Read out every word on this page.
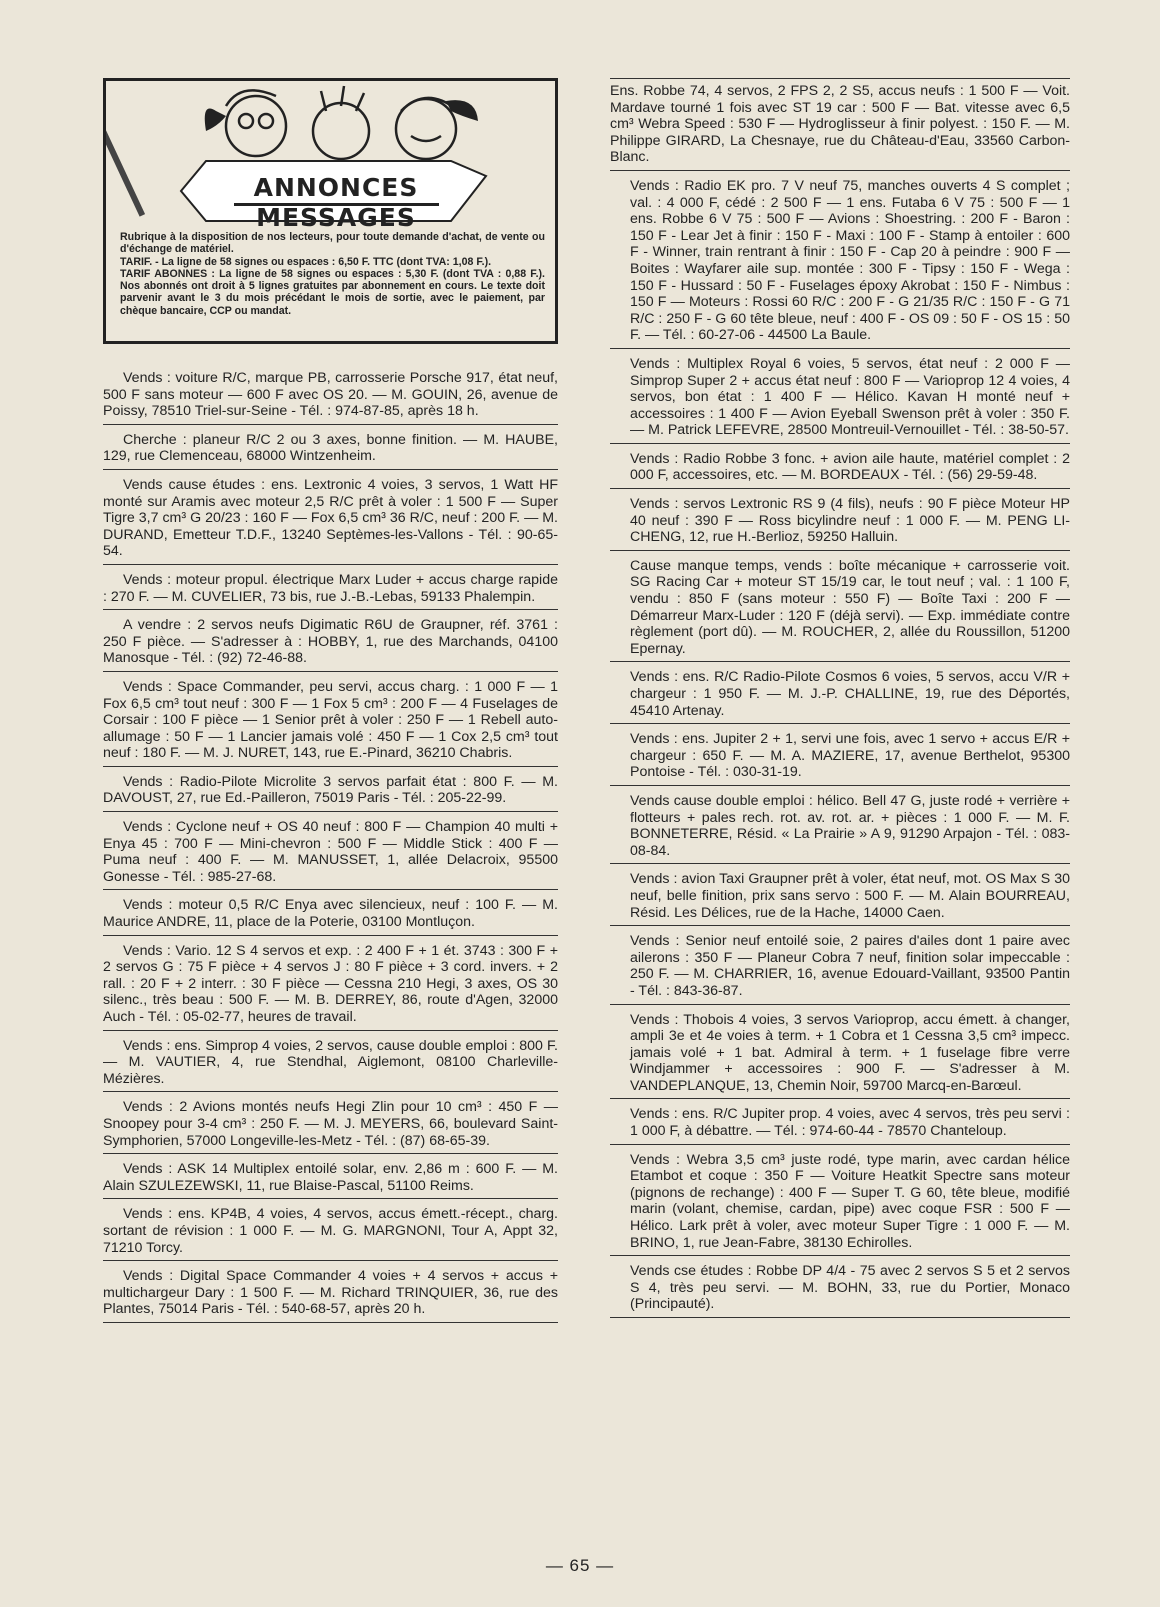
ANNONCES
MESSAGES

Rubrique à la disposition de nos lecteurs, pour toute demande d'achat, de vente ou d'échange de matériel.

TARIF. - La ligne de 58 signes ou espaces : 6,50 F. TTC (dont TVA: 1,08 F.).

TARIF ABONNES : La ligne de 58 signes ou espaces : 5,30 F. (dont TVA : 0,88 F.). Nos abonnés ont droit à 5 lignes gratuites par abonnement en cours. Le texte doit parvenir avant le 3 du mois précédant le mois de sortie, avec le paiement, par chèque bancaire, CCP ou mandat.

Vends : voiture R/C, marque PB, carrosserie Porsche 917, état neuf, 500 F sans moteur — 600 F avec OS 20. — M. GOUIN, 26, avenue de Poissy, 78510 Triel-sur-Seine - Tél. : 974-87-85, après 18 h.
Cherche : planeur R/C 2 ou 3 axes, bonne finition. — M. HAUBE, 129, rue Clemenceau, 68000 Wintzenheim.
Vends cause études : ens. Lextronic 4 voies, 3 servos, 1 Watt HF monté sur Aramis avec moteur 2,5 R/C prêt à voler : 1 500 F — Super Tigre 3,7 cm³ G 20/23 : 160 F — Fox 6,5 cm³ 36 R/C, neuf : 200 F. — M. DURAND, Emetteur T.D.F., 13240 Septèmes-les-Vallons - Tél. : 90-65-54.
Vends : moteur propul. électrique Marx Luder + accus charge rapide : 270 F. — M. CUVELIER, 73 bis, rue J.-B.-Lebas, 59133 Phalempin.
A vendre : 2 servos neufs Digimatic R6U de Graupner, réf. 3761 : 250 F pièce. — S'adresser à : HOBBY, 1, rue des Marchands, 04100 Manosque - Tél. : (92) 72-46-88.
Vends : Space Commander, peu servi, accus charg. : 1 000 F — 1 Fox 6,5 cm³ tout neuf : 300 F — 1 Fox 5 cm³ : 200 F — 4 Fuselages de Corsair : 100 F pièce — 1 Senior prêt à voler : 250 F — 1 Rebell auto-allumage : 50 F — 1 Lancier jamais volé : 450 F — 1 Cox 2,5 cm³ tout neuf : 180 F. — M. J. NURET, 143, rue E.-Pinard, 36210 Chabris.
Vends : Radio-Pilote Microlite 3 servos parfait état : 800 F. — M. DAVOUST, 27, rue Ed.-Pailleron, 75019 Paris - Tél. : 205-22-99.
Vends : Cyclone neuf + OS 40 neuf : 800 F — Champion 40 multi + Enya 45 : 700 F — Mini-chevron : 500 F — Middle Stick : 400 F — Puma neuf : 400 F. — M. MANUSSET, 1, allée Delacroix, 95500 Gonesse - Tél. : 985-27-68.
Vends : moteur 0,5 R/C Enya avec silencieux, neuf : 100 F. — M. Maurice ANDRE, 11, place de la Poterie, 03100 Montluçon.
Vends : Vario. 12 S 4 servos et exp. : 2 400 F + 1 ét. 3743 : 300 F + 2 servos G : 75 F pièce + 4 servos J : 80 F pièce + 3 cord. invers. + 2 rall. : 20 F + 2 interr. : 30 F pièce — Cessna 210 Hegi, 3 axes, OS 30 silenc., très beau : 500 F. — M. B. DERREY, 86, route d'Agen, 32000 Auch - Tél. : 05-02-77, heures de travail.
Vends : ens. Simprop 4 voies, 2 servos, cause double emploi : 800 F. — M. VAUTIER, 4, rue Stendhal, Aiglemont, 08100 Charleville-Mézières.
Vends : 2 Avions montés neufs Hegi Zlin pour 10 cm³ : 450 F — Snoopey pour 3-4 cm³ : 250 F. — M. J. MEYERS, 66, boulevard Saint-Symphorien, 57000 Longeville-les-Metz - Tél. : (87) 68-65-39.
Vends : ASK 14 Multiplex entoilé solar, env. 2,86 m : 600 F. — M. Alain SZULEZEWSKI, 11, rue Blaise-Pascal, 51100 Reims.
Vends : ens. KP4B, 4 voies, 4 servos, accus émett.-récept., charg. sortant de révision : 1 000 F. — M. G. MARGNONI, Tour A, Appt 32, 71210 Torcy.
Vends : Digital Space Commander 4 voies + 4 servos + accus + multichargeur Dary : 1 500 F. — M. Richard TRINQUIER, 36, rue des Plantes, 75014 Paris - Tél. : 540-68-57, après 20 h.
Ens. Robbe 74, 4 servos, 2 FPS 2, 2 S5, accus neufs : 1 500 F — Voit. Mardave tourné 1 fois avec ST 19 car : 500 F — Bat. vitesse avec 6,5 cm³ Webra Speed : 530 F — Hydroglisseur à finir polyest. : 150 F. — M. Philippe GIRARD, La Chesnaye, rue du Château-d'Eau, 33560 Carbon-Blanc.
Vends : Radio EK pro. 7 V neuf 75, manches ouverts 4 S complet ; val. : 4 000 F, cédé : 2 500 F — 1 ens. Futaba 6 V 75 : 500 F — 1 ens. Robbe 6 V 75 : 500 F — Avions : Shoestring. : 200 F - Baron : 150 F - Lear Jet à finir : 150 F - Maxi : 100 F - Stamp à entoiler : 600 F - Winner, train rentrant à finir : 150 F - Cap 20 à peindre : 900 F — Boites : Wayfarer aile sup. montée : 300 F - Tipsy : 150 F - Wega : 150 F - Hussard : 50 F - Fuselages époxy Akrobat : 150 F - Nimbus : 150 F — Moteurs : Rossi 60 R/C : 200 F - G 21/35 R/C : 150 F - G 71 R/C : 250 F - G 60 tête bleue, neuf : 400 F - OS 09 : 50 F - OS 15 : 50 F. — Tél. : 60-27-06 - 44500 La Baule.
Vends : Multiplex Royal 6 voies, 5 servos, état neuf : 2 000 F — Simprop Super 2 + accus état neuf : 800 F — Varioprop 12 4 voies, 4 servos, bon état : 1 400 F — Hélico. Kavan H monté neuf + accessoires : 1 400 F — Avion Eyeball Swenson prêt à voler : 350 F. — M. Patrick LEFEVRE, 28500 Montreuil-Vernouillet - Tél. : 38-50-57.
Vends : Radio Robbe 3 fonc. + avion aile haute, matériel complet : 2 000 F, accessoires, etc. — M. BORDEAUX - Tél. : (56) 29-59-48.
Vends : servos Lextronic RS 9 (4 fils), neufs : 90 F pièce Moteur HP 40 neuf : 390 F — Ross bicylindre neuf : 1 000 F. — M. PENG LI-CHENG, 12, rue H.-Berlioz, 59250 Halluin.
Cause manque temps, vends : boîte mécanique + carrosserie voit. SG Racing Car + moteur ST 15/19 car, le tout neuf ; val. : 1 100 F, vendu : 850 F (sans moteur : 550 F) — Boîte Taxi : 200 F — Démarreur Marx-Luder : 120 F (déjà servi). — Exp. immédiate contre règlement (port dû). — M. ROUCHER, 2, allée du Roussillon, 51200 Epernay.
Vends : ens. R/C Radio-Pilote Cosmos 6 voies, 5 servos, accu V/R + chargeur : 1 950 F. — M. J.-P. CHALLINE, 19, rue des Déportés, 45410 Artenay.
Vends : ens. Jupiter 2 + 1, servi une fois, avec 1 servo + accus E/R + chargeur : 650 F. — M. A. MAZIERE, 17, avenue Berthelot, 95300 Pontoise - Tél. : 030-31-19.
Vends cause double emploi : hélico. Bell 47 G, juste rodé + verrière + flotteurs + pales rech. rot. av. rot. ar. + pièces : 1 000 F. — M. F. BONNETERRE, Résid. « La Prairie » A 9, 91290 Arpajon - Tél. : 083-08-84.
Vends : avion Taxi Graupner prêt à voler, état neuf, mot. OS Max S 30 neuf, belle finition, prix sans servo : 500 F. — M. Alain BOURREAU, Résid. Les Délices, rue de la Hache, 14000 Caen.
Vends : Senior neuf entoilé soie, 2 paires d'ailes dont 1 paire avec ailerons : 350 F — Planeur Cobra 7 neuf, finition solar impeccable : 250 F. — M. CHARRIER, 16, avenue Edouard-Vaillant, 93500 Pantin - Tél. : 843-36-87.
Vends : Thobois 4 voies, 3 servos Varioprop, accu émett. à changer, ampli 3e et 4e voies à term. + 1 Cobra et 1 Cessna 3,5 cm³ impecc. jamais volé + 1 bat. Admiral à term. + 1 fuselage fibre verre Windjammer + accessoires : 900 F. — S'adresser à M. VANDEPLANQUE, 13, Chemin Noir, 59700 Marcq-en-Barœul.
Vends : ens. R/C Jupiter prop. 4 voies, avec 4 servos, très peu servi : 1 000 F, à débattre. — Tél. : 974-60-44 - 78570 Chanteloup.
Vends : Webra 3,5 cm³ juste rodé, type marin, avec cardan hélice Etambot et coque : 350 F — Voiture Heatkit Spectre sans moteur (pignons de rechange) : 400 F — Super T. G 60, tête bleue, modifié marin (volant, chemise, cardan, pipe) avec coque FSR : 500 F — Hélico. Lark prêt à voler, avec moteur Super Tigre : 1 000 F. — M. BRINO, 1, rue Jean-Fabre, 38130 Echirolles.
Vends cse études : Robbe DP 4/4 - 75 avec 2 servos S 5 et 2 servos S 4, très peu servi. — M. BOHN, 33, rue du Portier, Monaco (Principauté).
— 65 —
